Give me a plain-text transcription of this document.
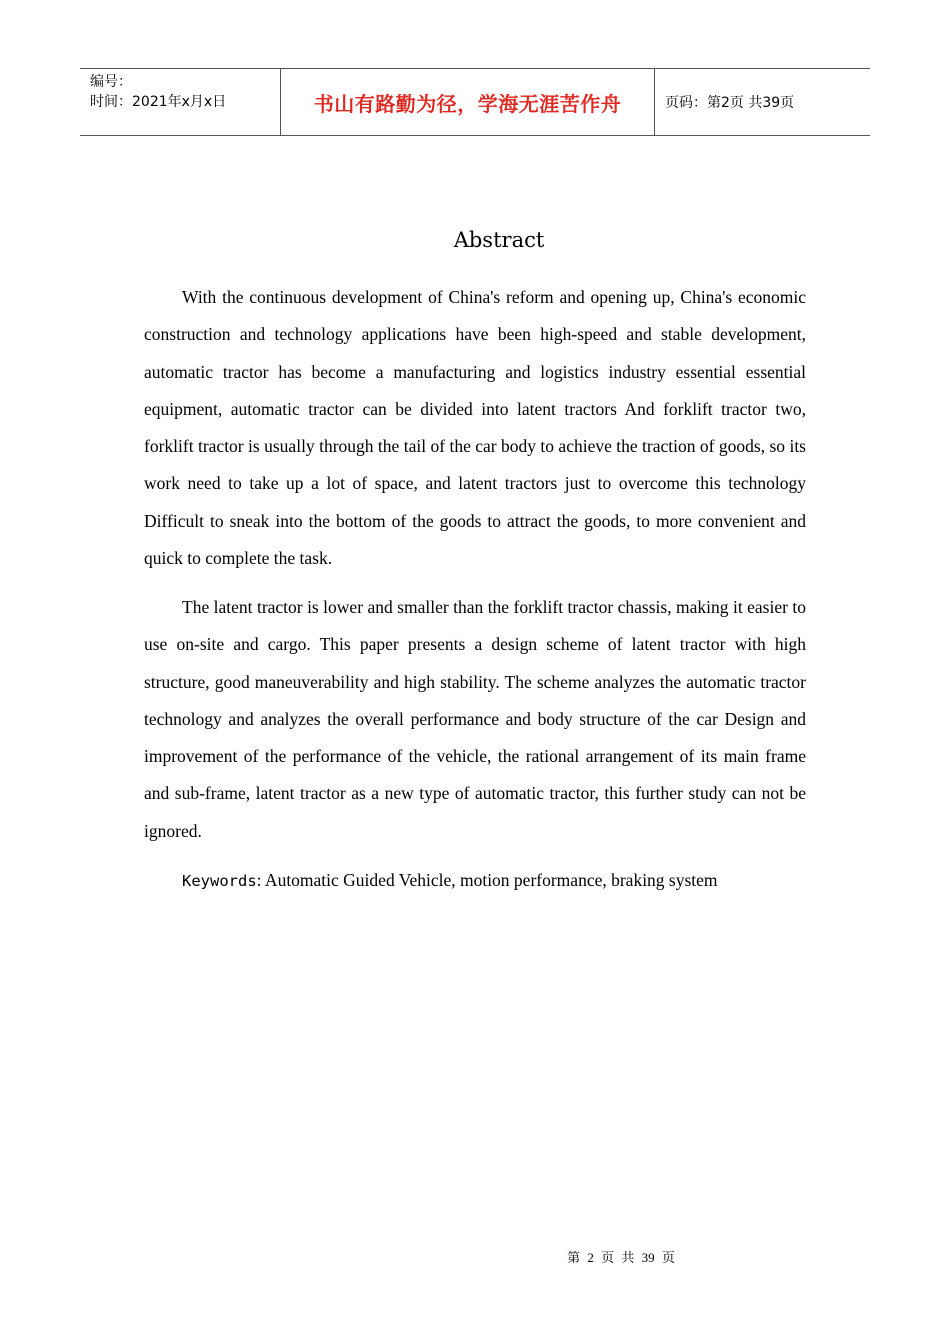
编号：
时间：2021年x月x日	书山有路勤为径，学海无涯苦作舟	页码：第2页 共39页
Abstract
With the continuous development of China's reform and opening up, China's economic construction and technology applications have been high-speed and stable development, automatic tractor has become a manufacturing and logistics industry essential essential equipment, automatic tractor can be divided into latent tractors And forklift tractor two, forklift tractor is usually through the tail of the car body to achieve the traction of goods, so its work need to take up a lot of space, and latent tractors just to overcome this technology Difficult to sneak into the bottom of the goods to attract the goods, to more convenient and quick to complete the task.
The latent tractor is lower and smaller than the forklift tractor chassis, making it easier to use on-site and cargo. This paper presents a design scheme of latent tractor with high structure, good maneuverability and high stability. The scheme analyzes the automatic tractor technology and analyzes the overall performance and body structure of the car Design and improvement of the performance of the vehicle, the rational arrangement of its main frame and sub-frame, latent tractor as a new type of automatic tractor, this further study can not be ignored.
Keywords: Automatic Guided Vehicle, motion performance, braking system
第 2 页 共 39 页
